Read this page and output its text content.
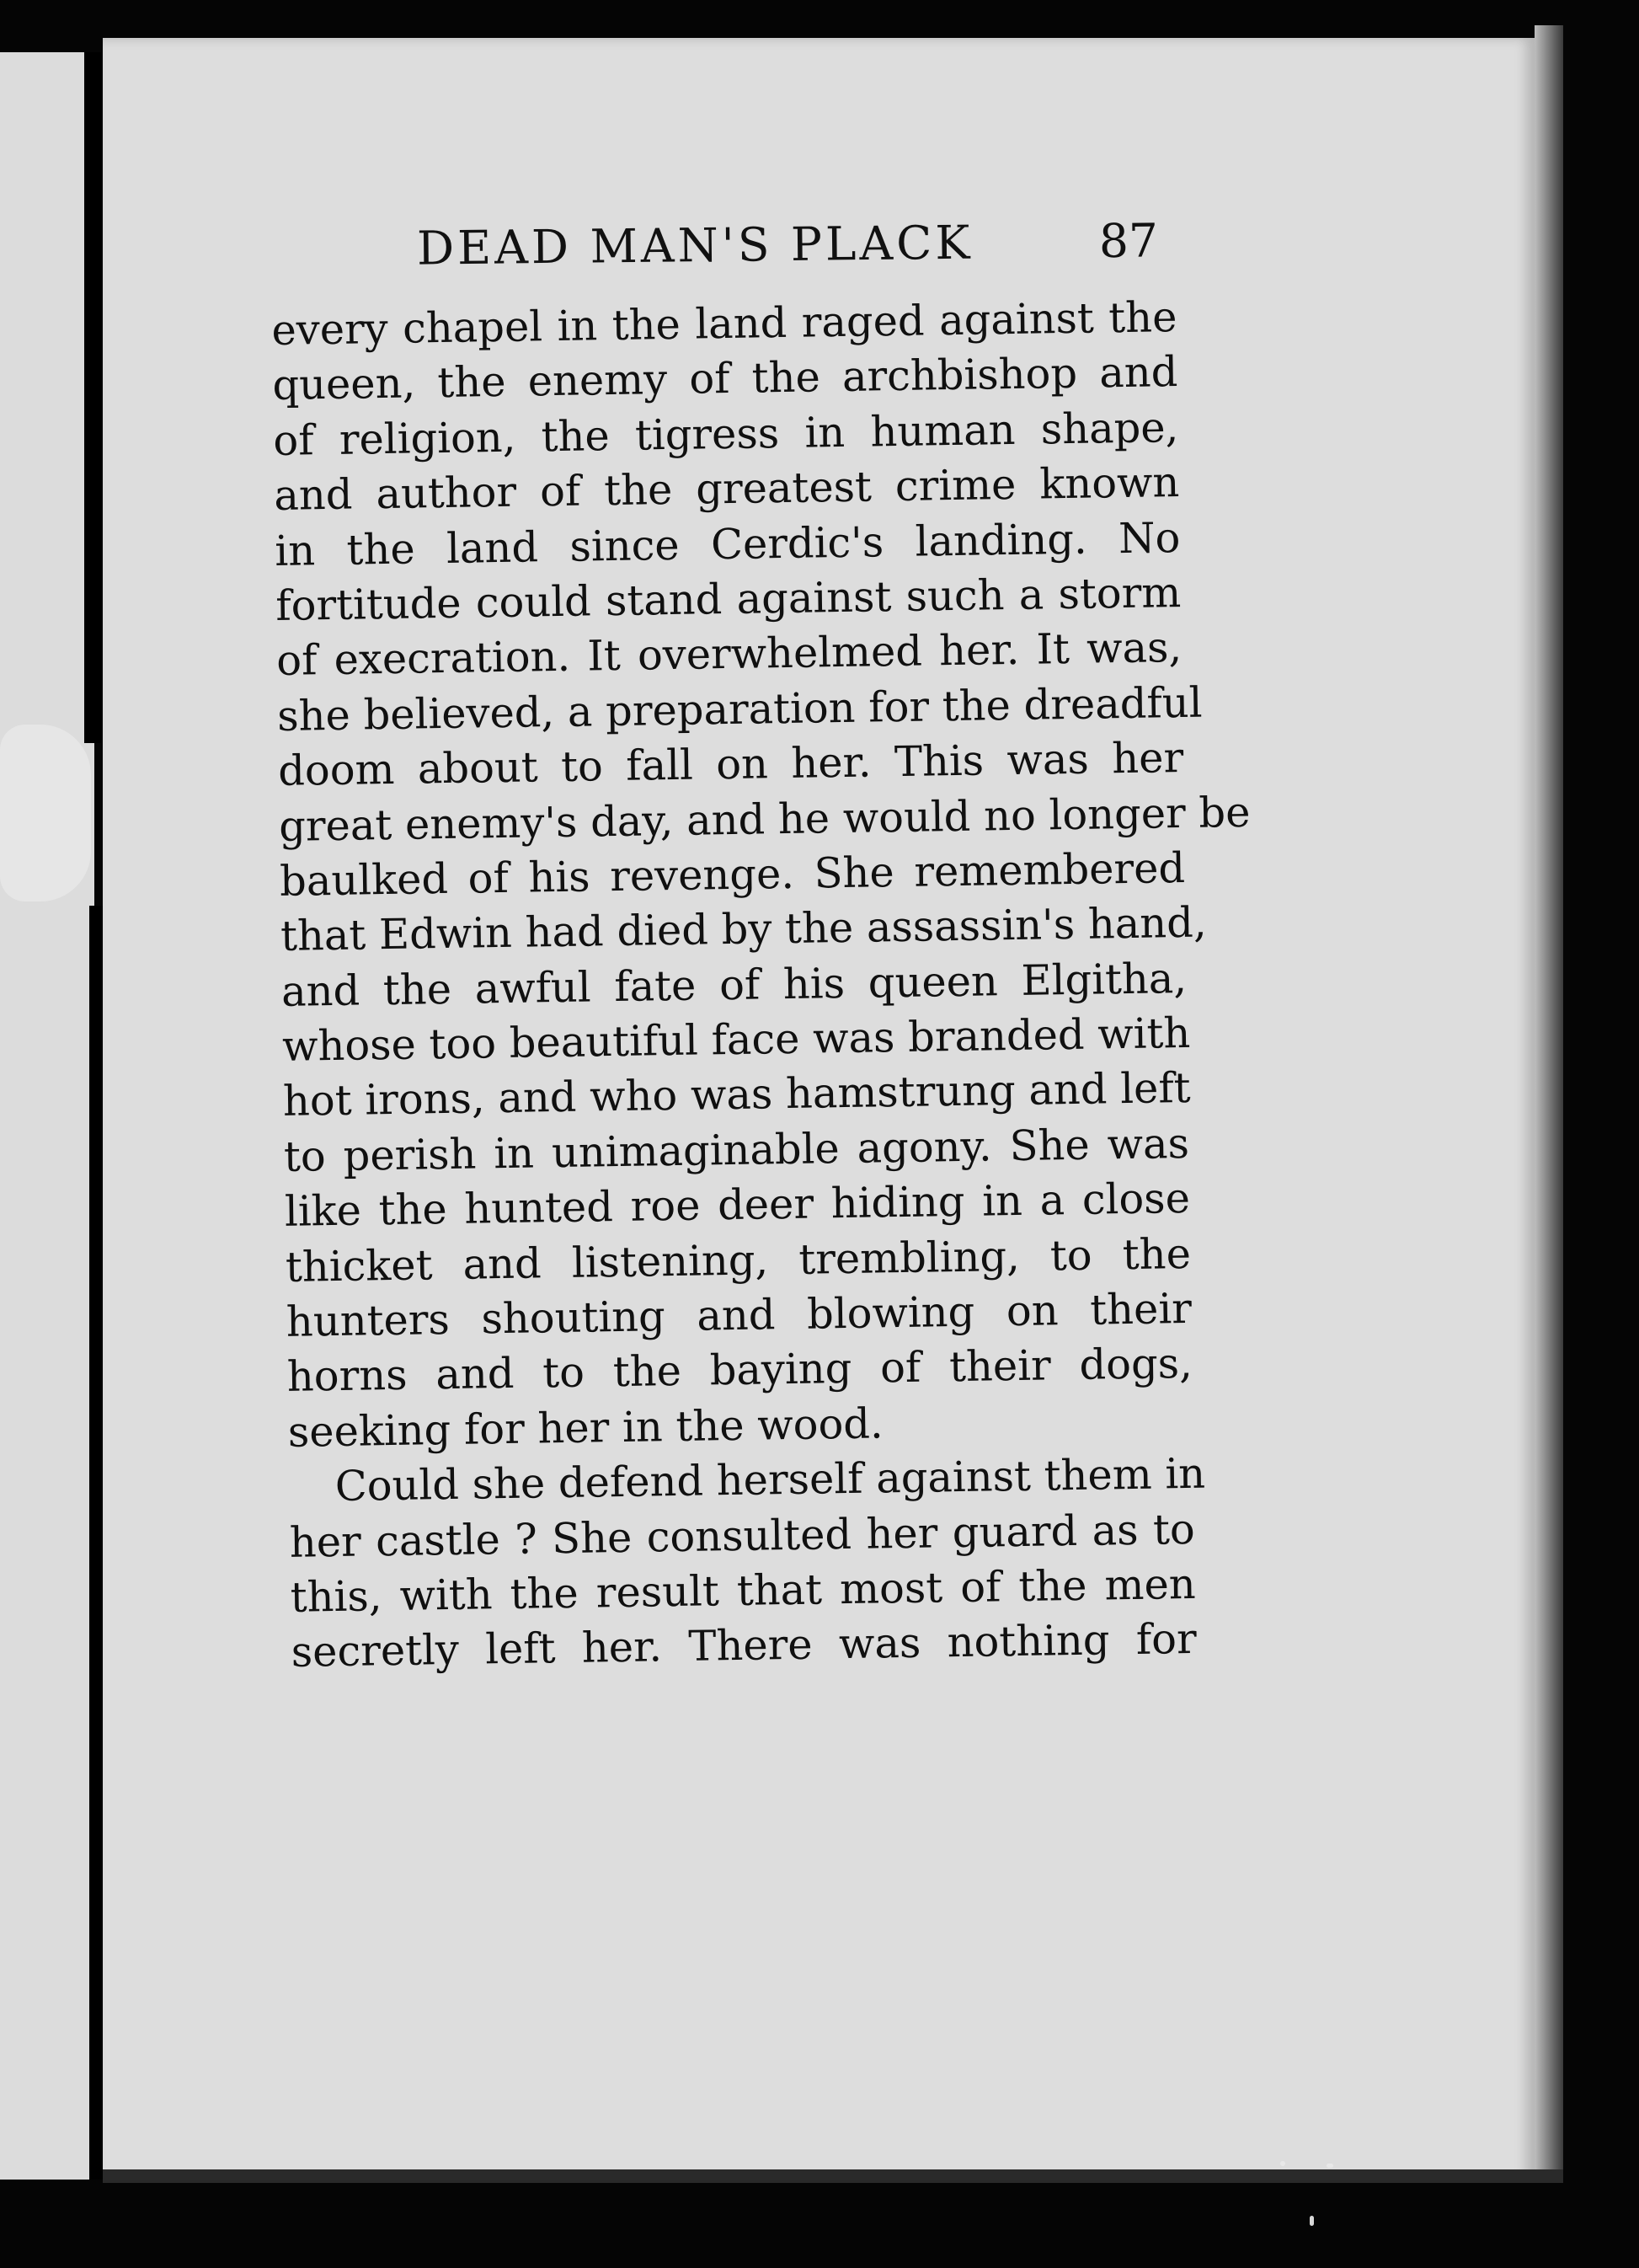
DEAD MAN'S PLACK	87
every chapel in the land raged against the
queen, the enemy of the archbishop and
of religion, the tigress in human shape,
and author of the greatest crime known
in the land since Cerdic's landing. No
fortitude could stand against such a storm
of execration. It overwhelmed her. It was,
she believed, a preparation for the dreadful
doom about to fall on her. This was her
great enemy's day, and he would no longer be
baulked of his revenge. She remembered
that Edwin had died by the assassin's hand,
and the awful fate of his queen Elgitha,
whose too beautiful face was branded with
hot irons, and who was hamstrung and left
to perish in unimaginable agony. She was
like the hunted roe deer hiding in a close
thicket and listening, trembling, to the
hunters shouting and blowing on their
horns and to the baying of their dogs,
seeking for her in the wood.
Could she defend herself against them in
her castle ? She consulted her guard as to
this, with the result that most of the men
secretly left her. There was nothing for
